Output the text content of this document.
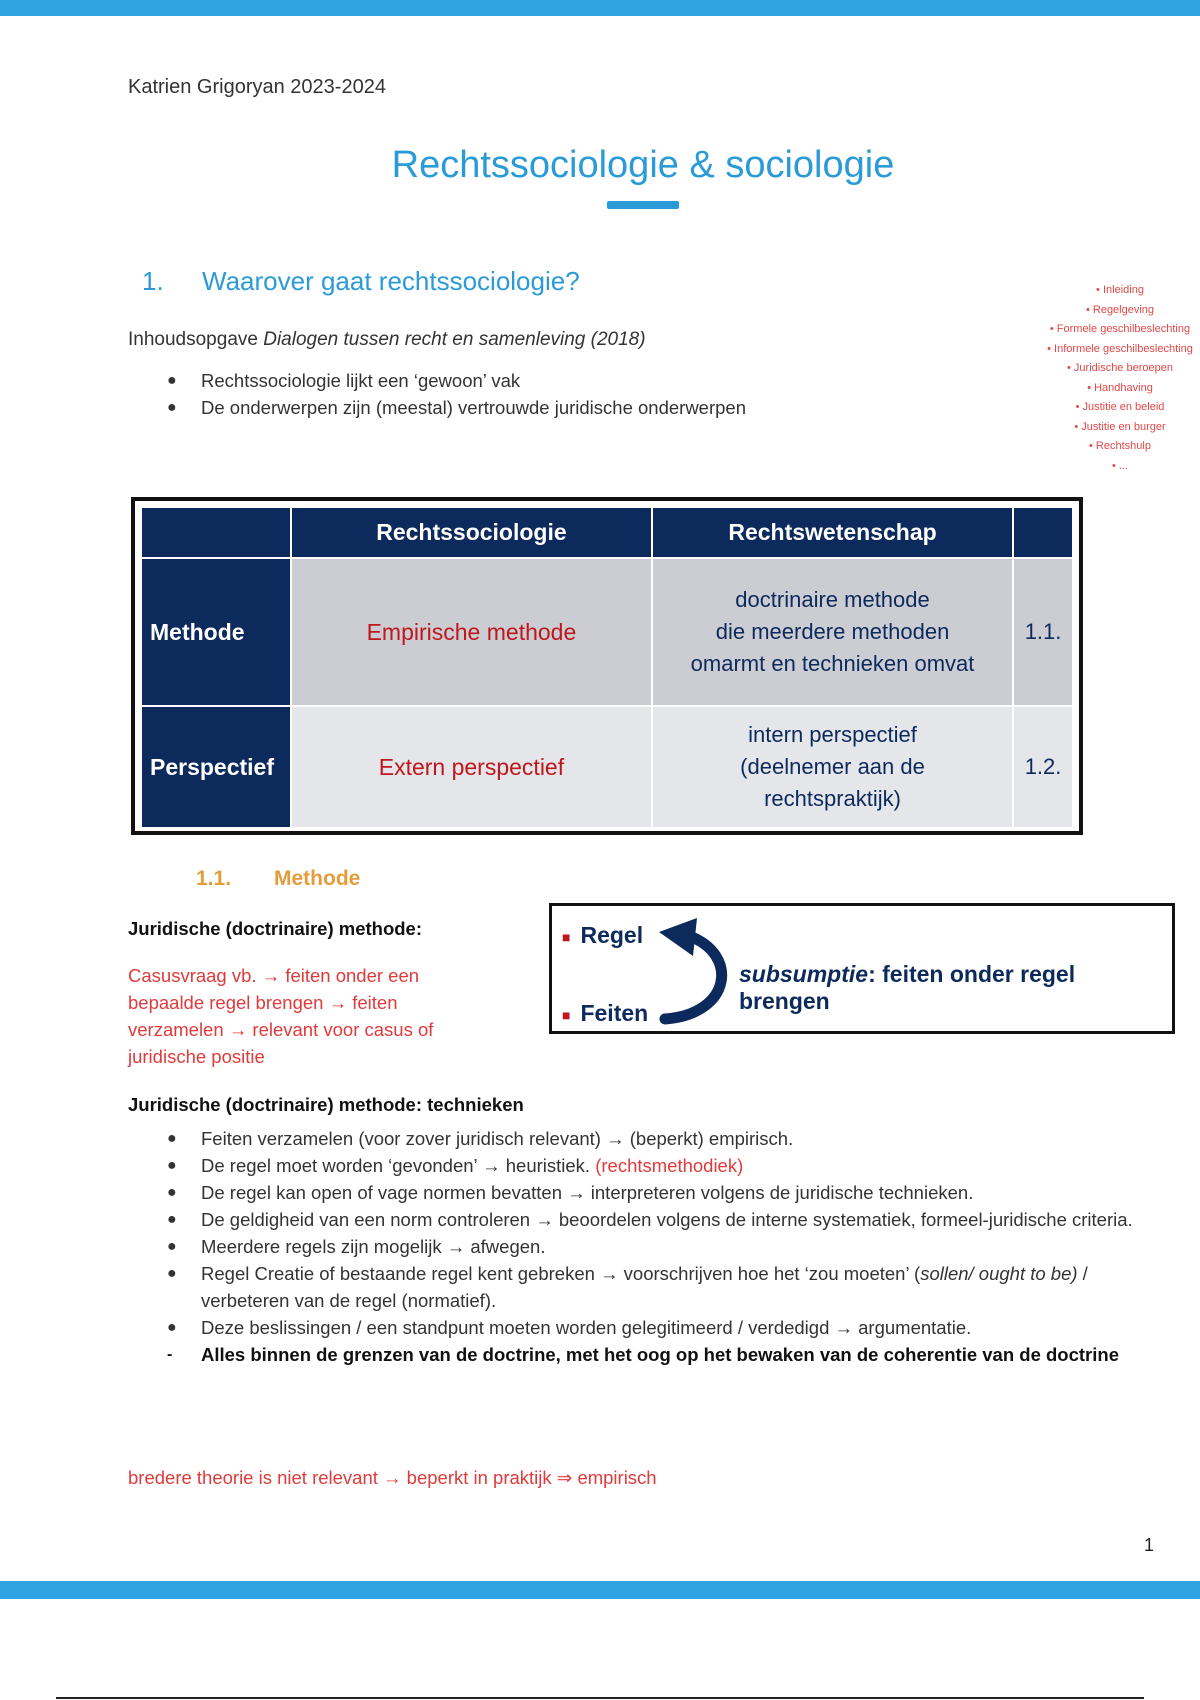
Katrien Grigoryan 2023-2024
Rechtssociologie & sociologie
1. Waarover gaat rechtssociologie?	• Inleiding
• Regelgeving
• Formele geschilbeslechting
• Informele geschilbeslechting
• Juridische beroepen
• Handhaving
• Justitie en beleid
• Justitie en burger
• Rechtshulp
• ...
Inhoudsopgave Dialogen tussen recht en samenleving (2018)
● Rechtssociologie lijkt een ‘gewoon’ vak
● De onderwerpen zijn (meestal) vertrouwde juridische onderwerpen
	Rechtssociologie	Rechtswetenschap	
Methode	Empirische methode	doctrinaire methode
die meerdere methoden
omarmt en technieken omvat	1.1.
Perspectief	Extern perspectief	intern perspectief
(deelnemer aan de
rechtspraktijk)	1.2.
1.1. Methode
Juridische (doctrinaire) methode:
Casusvraag vb. → feiten onder een bepaalde regel brengen → feiten verzamelen → relevant voor casus of juridische positie
■ Regel
■ Feiten
subsumptie: feiten onder regel brengen
Juridische (doctrinaire) methode: technieken
● Feiten verzamelen (voor zover juridisch relevant) → (beperkt) empirisch.
● De regel moet worden ‘gevonden’ → heuristiek. (rechtsmethodiek)
● De regel kan open of vage normen bevatten → interpreteren volgens de juridische technieken.
● De geldigheid van een norm controleren → beoordelen volgens de interne systematiek, formeel-juridische criteria.
● Meerdere regels zijn mogelijk → afwegen.
● Regel Creatie of bestaande regel kent gebreken → voorschrijven hoe het ‘zou moeten’ (sollen/ ought to be) / verbeteren van de regel (normatief).
● Deze beslissingen / een standpunt moeten worden gelegitimeerd / verdedigd → argumentatie.
- Alles binnen de grenzen van de doctrine, met het oog op het bewaken van de coherentie van de doctrine
bredere theorie is niet relevant → beperkt in praktijk ⇒ empirisch
1
